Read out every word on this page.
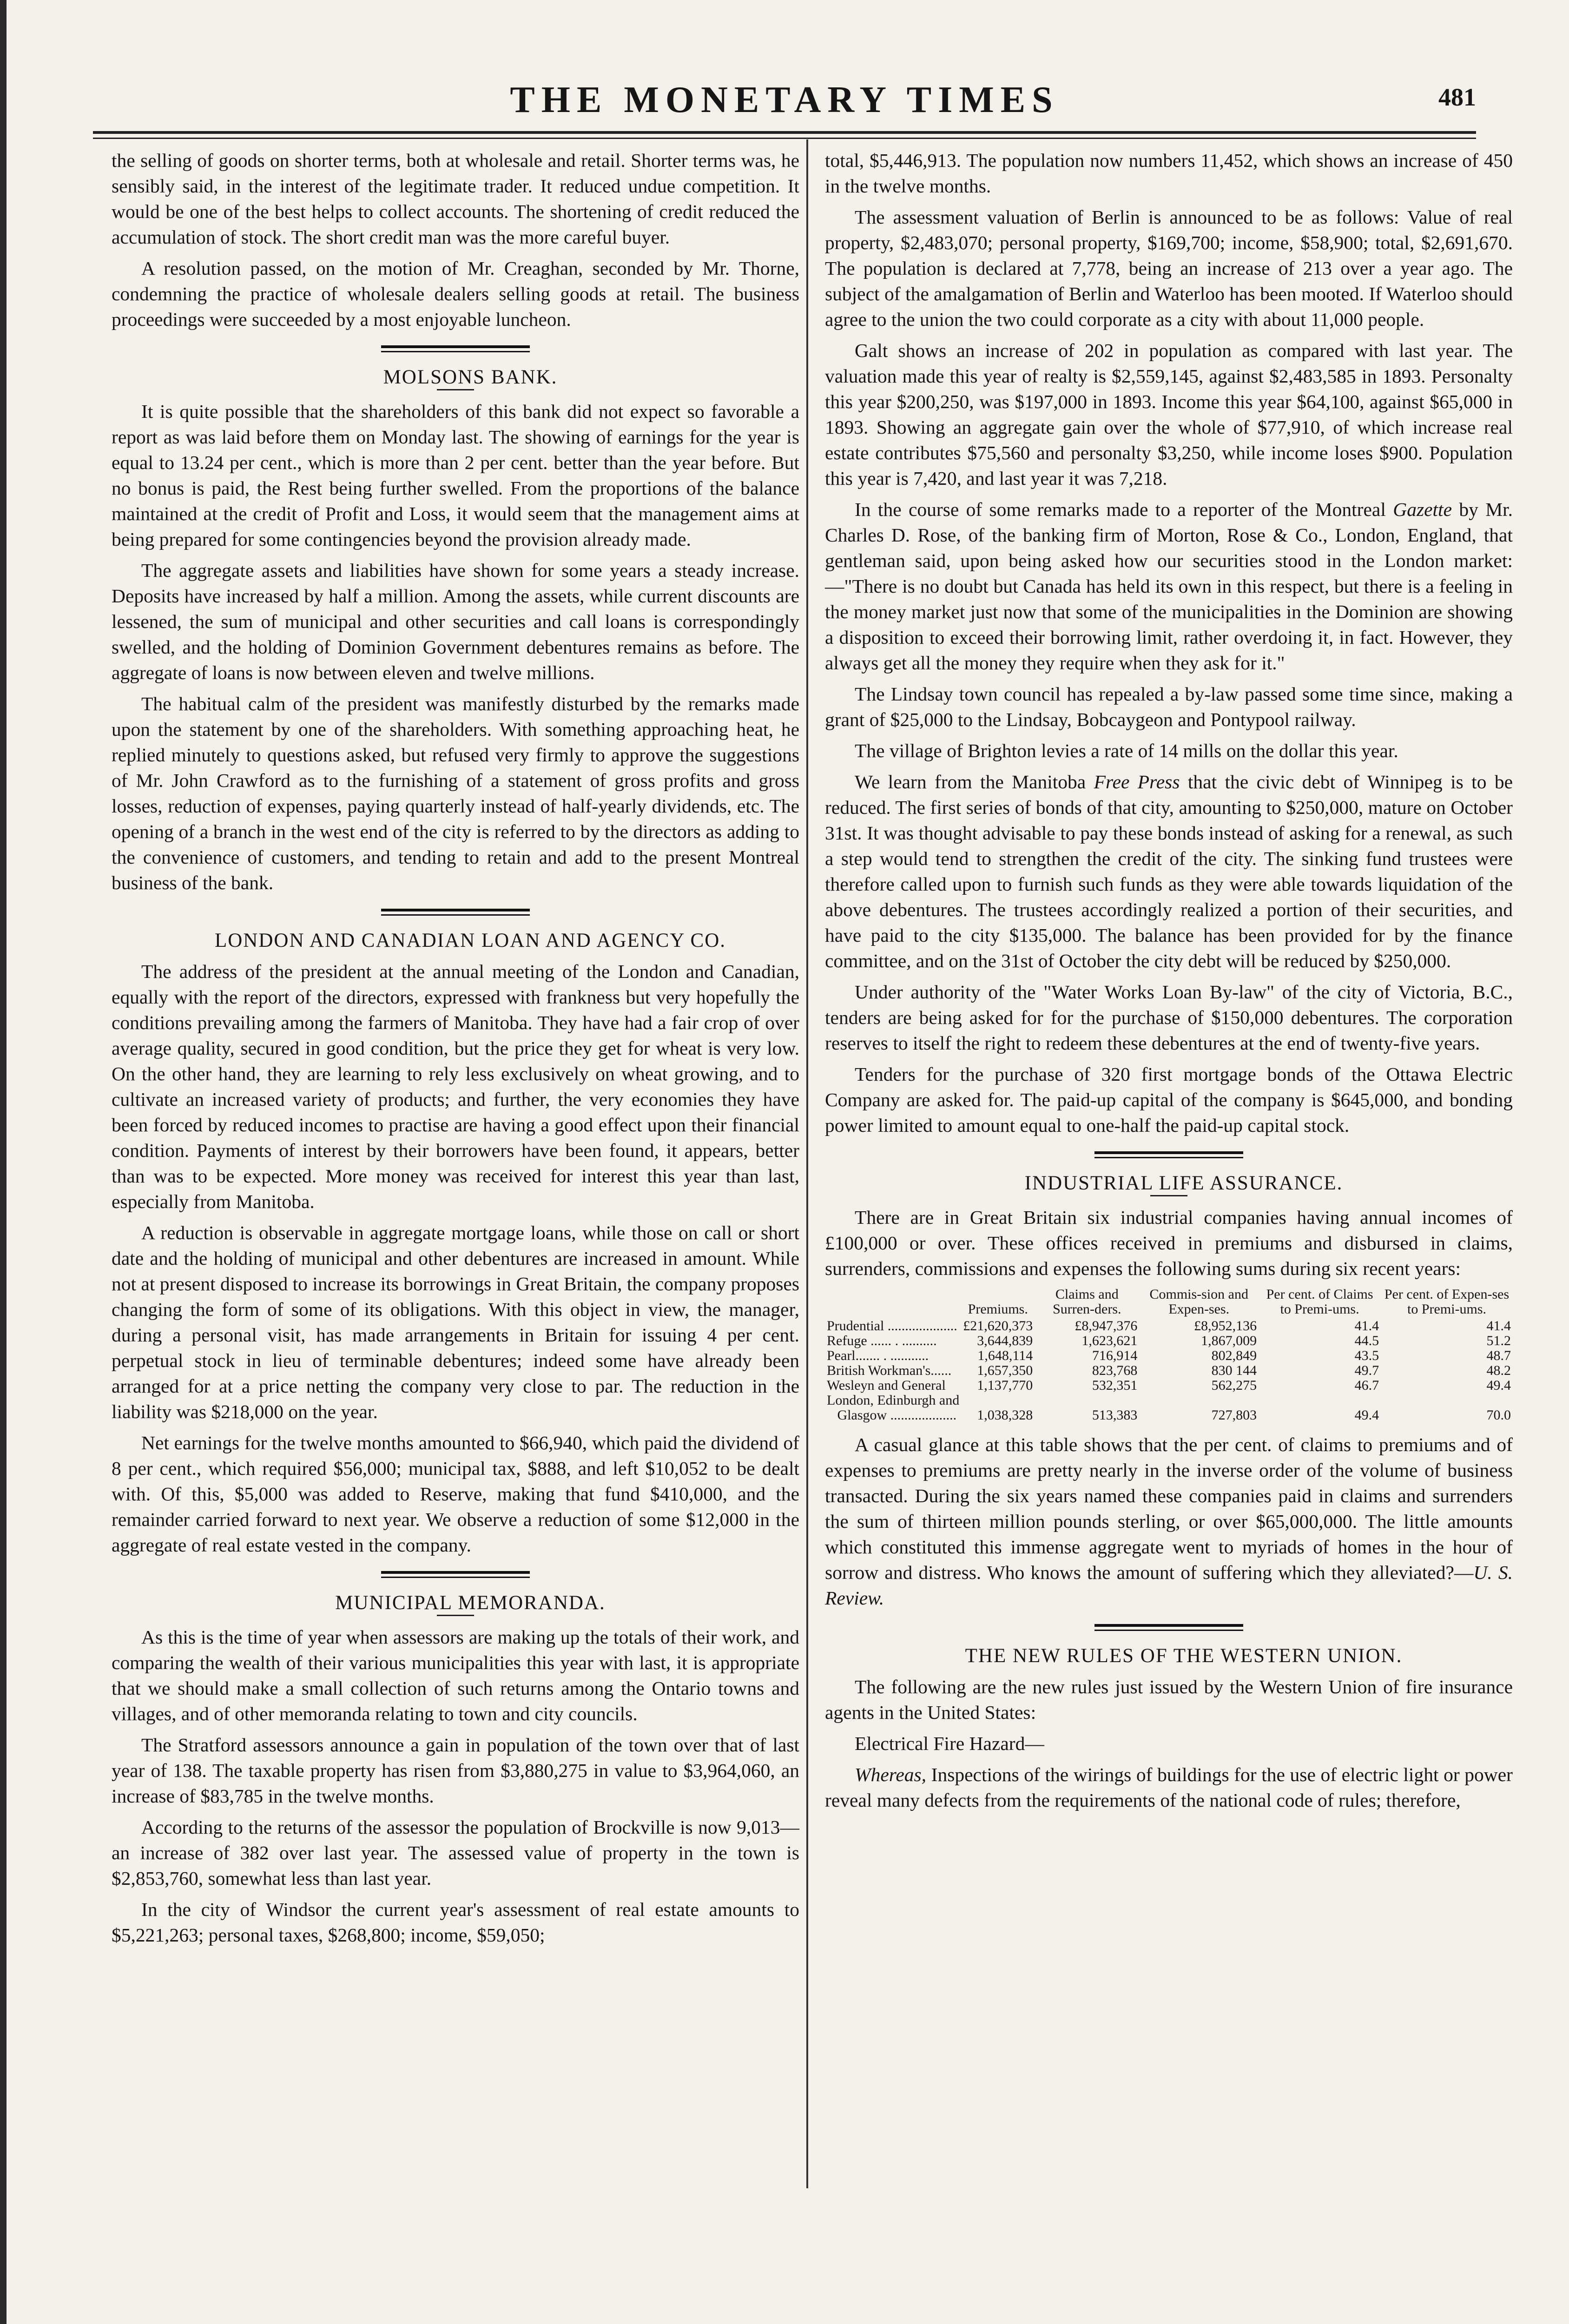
THE MONETARY TIMES	481

the selling of goods on shorter terms, both at wholesale and retail. Shorter terms was, he sensibly said, in the interest of the legitimate trader. It reduced undue competition. It would be one of the best helps to collect accounts. The shortening of credit reduced the accumulation of stock. The short credit man was the more careful buyer.

A resolution passed, on the motion of Mr. Creaghan, seconded by Mr. Thorne, condemning the practice of wholesale dealers selling goods at retail. The business proceedings were succeeded by a most enjoyable luncheon.

MOLSONS BANK.

It is quite possible that the shareholders of this bank did not expect so favorable a report as was laid before them on Monday last. The showing of earnings for the year is equal to 13.24 per cent., which is more than 2 per cent. better than the year before. But no bonus is paid, the Rest being further swelled. From the proportions of the balance maintained at the credit of Profit and Loss, it would seem that the management aims at being prepared for some contingencies beyond the provision already made.

The aggregate assets and liabilities have shown for some years a steady increase. Deposits have increased by half a million. Among the assets, while current discounts are lessened, the sum of municipal and other securities and call loans is correspondingly swelled, and the holding of Dominion Government debentures remains as before. The aggregate of loans is now between eleven and twelve millions.

The habitual calm of the president was manifestly disturbed by the remarks made upon the statement by one of the shareholders. With something approaching heat, he replied minutely to questions asked, but refused very firmly to approve the suggestions of Mr. John Crawford as to the furnishing of a statement of gross profits and gross losses, reduction of expenses, paying quarterly instead of half-yearly dividends, etc. The opening of a branch in the west end of the city is referred to by the directors as adding to the convenience of customers, and tending to retain and add to the present Montreal business of the bank.

LONDON AND CANADIAN LOAN AND AGENCY CO.

The address of the president at the annual meeting of the London and Canadian, equally with the report of the directors, expressed with frankness but very hopefully the conditions prevailing among the farmers of Manitoba. They have had a fair crop of over average quality, secured in good condition, but the price they get for wheat is very low. On the other hand, they are learning to rely less exclusively on wheat growing, and to cultivate an increased variety of products; and further, the very economies they have been forced by reduced incomes to practise are having a good effect upon their financial condition. Payments of interest by their borrowers have been found, it appears, better than was to be expected. More money was received for interest this year than last, especially from Manitoba.

A reduction is observable in aggregate mortgage loans, while those on call or short date and the holding of municipal and other debentures are increased in amount. While not at present disposed to increase its borrowings in Great Britain, the company proposes changing the form of some of its obligations. With this object in view, the manager, during a personal visit, has made arrangements in Britain for issuing 4 per cent. perpetual stock in lieu of terminable debentures; indeed some have already been arranged for at a price netting the company very close to par. The reduction in the liability was $218,000 on the year.

Net earnings for the twelve months amounted to $66,940, which paid the dividend of 8 per cent., which required $56,000; municipal tax, $888, and left $10,052 to be dealt with. Of this, $5,000 was added to Reserve, making that fund $410,000, and the remainder carried forward to next year. We observe a reduction of some $12,000 in the aggregate of real estate vested in the company.

MUNICIPAL MEMORANDA.

As this is the time of year when assessors are making up the totals of their work, and comparing the wealth of their various municipalities this year with last, it is appropriate that we should make a small collection of such returns among the Ontario towns and villages, and of other memoranda relating to town and city councils.

The Stratford assessors announce a gain in population of the town over that of last year of 138. The taxable property has risen from $3,880,275 in value to $3,964,060, an increase of $83,785 in the twelve months.

According to the returns of the assessor the population of Brockville is now 9,013—an increase of 382 over last year. The assessed value of property in the town is $2,853,760, somewhat less than last year.

In the city of Windsor the current year's assessment of real estate amounts to $5,221,263; personal taxes, $268,800; income, $59,050;

total, $5,446,913. The population now numbers 11,452, which shows an increase of 450 in the twelve months.

The assessment valuation of Berlin is announced to be as follows: Value of real property, $2,483,070; personal property, $169,700; income, $58,900; total, $2,691,670. The population is declared at 7,778, being an increase of 213 over a year ago. The subject of the amalgamation of Berlin and Waterloo has been mooted. If Waterloo should agree to the union the two could corporate as a city with about 11,000 people.

Galt shows an increase of 202 in population as compared with last year. The valuation made this year of realty is $2,559,145, against $2,483,585 in 1893. Personalty this year $200,250, was $197,000 in 1893. Income this year $64,100, against $65,000 in 1893. Showing an aggregate gain over the whole of $77,910, of which increase real estate contributes $75,560 and personalty $3,250, while income loses $900. Population this year is 7,420, and last year it was 7,218.

In the course of some remarks made to a reporter of the Montreal Gazette by Mr. Charles D. Rose, of the banking firm of Morton, Rose & Co., London, England, that gentleman said, upon being asked how our securities stood in the London market:—"There is no doubt but Canada has held its own in this respect, but there is a feeling in the money market just now that some of the municipalities in the Dominion are showing a disposition to exceed their borrowing limit, rather overdoing it, in fact. However, they always get all the money they require when they ask for it."

The Lindsay town council has repealed a by-law passed some time since, making a grant of $25,000 to the Lindsay, Bobcaygeon and Pontypool railway.

The village of Brighton levies a rate of 14 mills on the dollar this year.

We learn from the Manitoba Free Press that the civic debt of Winnipeg is to be reduced. The first series of bonds of that city, amounting to $250,000, mature on October 31st. It was thought advisable to pay these bonds instead of asking for a renewal, as such a step would tend to strengthen the credit of the city. The sinking fund trustees were therefore called upon to furnish such funds as they were able towards liquidation of the above debentures. The trustees accordingly realized a portion of their securities, and have paid to the city $135,000. The balance has been provided for by the finance committee, and on the 31st of October the city debt will be reduced by $250,000.

Under authority of the "Water Works Loan By-law" of the city of Victoria, B.C., tenders are being asked for for the purchase of $150,000 debentures. The corporation reserves to itself the right to redeem these debentures at the end of twenty-five years.

Tenders for the purchase of 320 first mortgage bonds of the Ottawa Electric Company are asked for. The paid-up capital of the company is $645,000, and bonding power limited to amount equal to one-half the paid-up capital stock.

INDUSTRIAL LIFE ASSURANCE.

There are in Great Britain six industrial companies having annual incomes of £100,000 or over. These offices received in premiums and disbursed in claims, surrenders, commissions and expenses the following sums during six recent years:

	Premiums.	Claims and Surren-ders.	Commis-sion and Expen-ses.	Per cent. of Claims to Premi-ums.	Per cent. of Expen-ses to Premi-ums.
Prudential ....................	£21,620,373	£8,947,376	£8,952,136	41.4	41.4
Refuge ...... . ..........	3,644,839	1,623,621	1,867,009	44.5	51.2
Pearl....... . ...........	1,648,114	716,914	802,849	43.5	48.7
British Workman's......	1,657,350	823,768	830 144	49.7	48.2
Wesleyn and General	1,137,770	532,351	562,275	46.7	49.4
London, Edinburgh and					
Glasgow ...................	1,038,328	513,383	727,803	49.4	70.0

A casual glance at this table shows that the per cent. of claims to premiums and of expenses to premiums are pretty nearly in the inverse order of the volume of business transacted. During the six years named these companies paid in claims and surrenders the sum of thirteen million pounds sterling, or over $65,000,000. The little amounts which constituted this immense aggregate went to myriads of homes in the hour of sorrow and distress. Who knows the amount of suffering which they alleviated?—U. S. Review.

THE NEW RULES OF THE WESTERN UNION.

The following are the new rules just issued by the Western Union of fire insurance agents in the United States:

Electrical Fire Hazard—

Whereas, Inspections of the wirings of buildings for the use of electric light or power reveal many defects from the requirements of the national code of rules; therefore,
